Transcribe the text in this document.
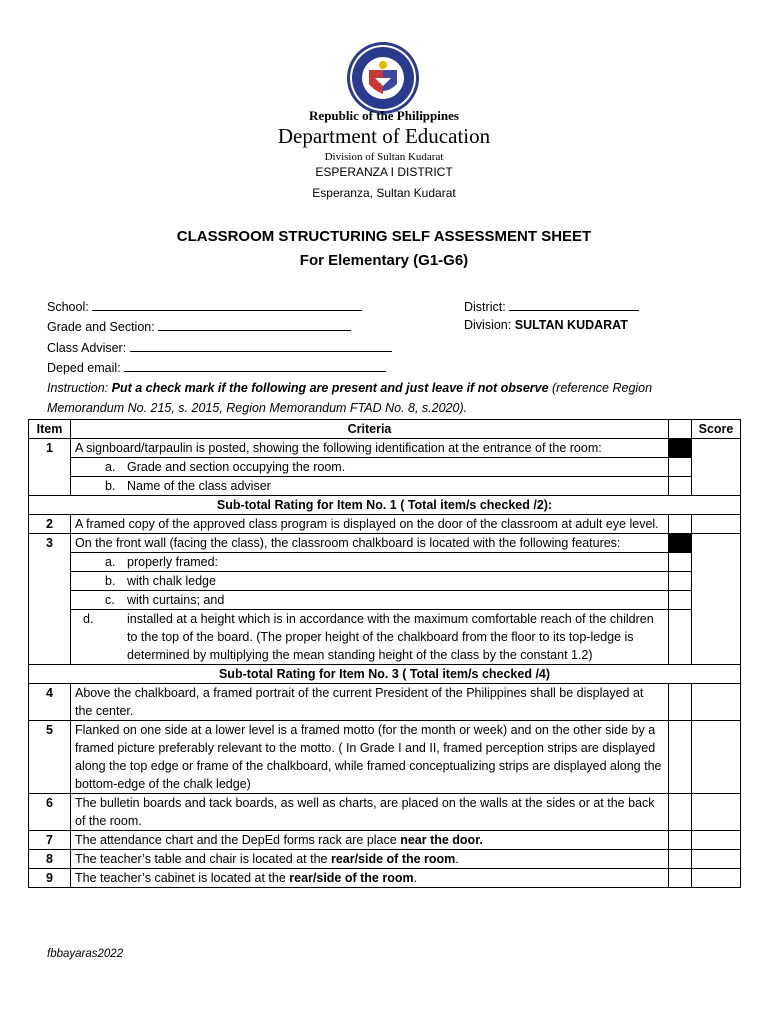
Republic of the Philippines
Department of Education
Division of Sultan Kudarat
ESPERANZA I DISTRICT
Esperanza, Sultan Kudarat
CLASSROOM STRUCTURING SELF ASSESSMENT SHEET
For Elementary (G1-G6)
School:	District:
Grade and Section:	Division: SULTAN KUDARAT
Class Adviser:
Deped email:
Instruction: Put a check mark if the following are present and just leave if not observe (reference Region Memorandum No. 215, s. 2015, Region Memorandum FTAD No. 8, s.2020).
Item	Criteria		Score
1	A signboard/tarpaulin is posted, showing the following identification at the entrance of the room:		

	a. Grade and section occupying the room.		

	b. Name of the class adviser		

Sub-total Rating for Item No. 1 ( Total item/s checked /2):			
2	A framed copy of the approved class program is displayed on the door of the classroom at adult eye level.		
3	On the front wall (facing the class), the classroom chalkboard is located with the following features:		

	a. properly framed:		

	b. with chalk ledge		

	c. with curtains; and		

	d. installed at a height which is in accordance with the maximum comfortable reach of the children to the top of the board. (The proper height of the chalkboard from the floor to its top-ledge is determined by multiplying the mean standing height of the class by the constant 1.2)		

Sub-total Rating for Item No. 3 ( Total item/s checked /4)			
4	Above the chalkboard, a framed portrait of the current President of the Philippines shall be displayed at the center.		
5	Flanked on one side at a lower level is a framed motto (for the month or week) and on the other side by a framed picture preferably relevant to the motto. ( In Grade I and II, framed perception strips are displayed along the top edge or frame of the chalkboard, while framed conceptualizing strips are displayed along the bottom-edge of the chalk ledge)		
6	The bulletin boards and tack boards, as well as charts, are placed on the walls at the sides or at the back of the room.		
7	The attendance chart and the DepEd forms rack are place near the door.		
8	The teacher’s table and chair is located at the rear/side of the room.		
9	The teacher’s cabinet is located at the rear/side of the room.		
fbbayaras2022
